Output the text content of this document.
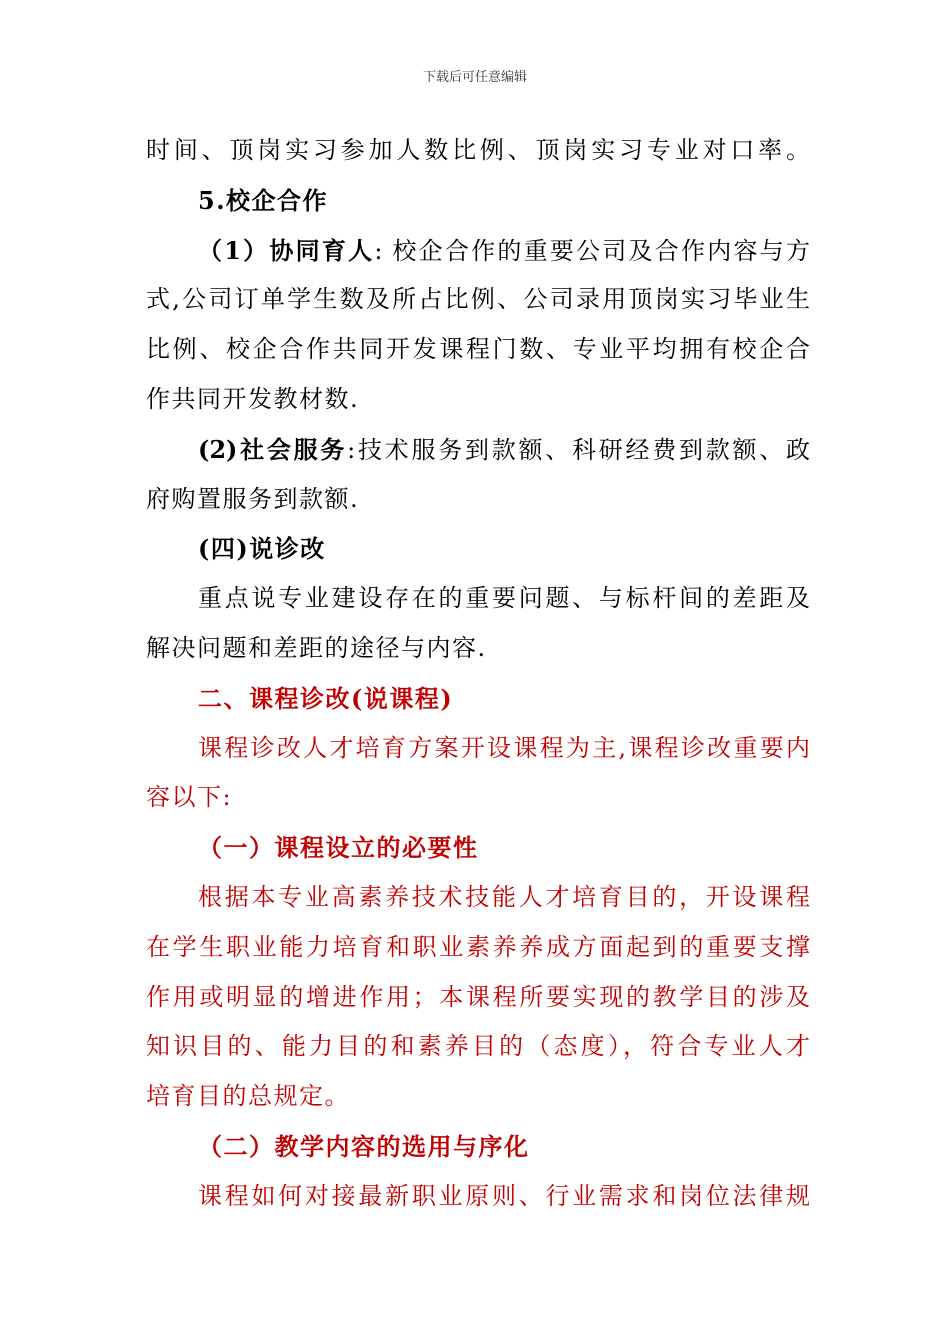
下载后可任意编辑
时间、顶岗实习参加人数比例、顶岗实习专业对口率。
5.校企合作
（1）协同育人: 校企合作的重要公司及合作内容与方
式,公司订单学生数及所占比例、公司录用顶岗实习毕业生
比例、校企合作共同开发课程门数、专业平均拥有校企合
作共同开发教材数.
(2)社会服务:技术服务到款额、科研经费到款额、政
府购置服务到款额.
(四)说诊改
重点说专业建设存在的重要问题、与标杆间的差距及
解决问题和差距的途径与内容.
二、课程诊改(说课程)
课程诊改人才培育方案开设课程为主,课程诊改重要内
容以下:
（一）课程设立的必要性
根据本专业高素养技术技能人才培育目的，开设课程
在学生职业能力培育和职业素养养成方面起到的重要支撑
作用或明显的增进作用；本课程所要实现的教学目的涉及
知识目的、能力目的和素养目的（态度），符合专业人才
培育目的总规定。
（二）教学内容的选用与序化
课程如何对接最新职业原则、行业需求和岗位法律规
